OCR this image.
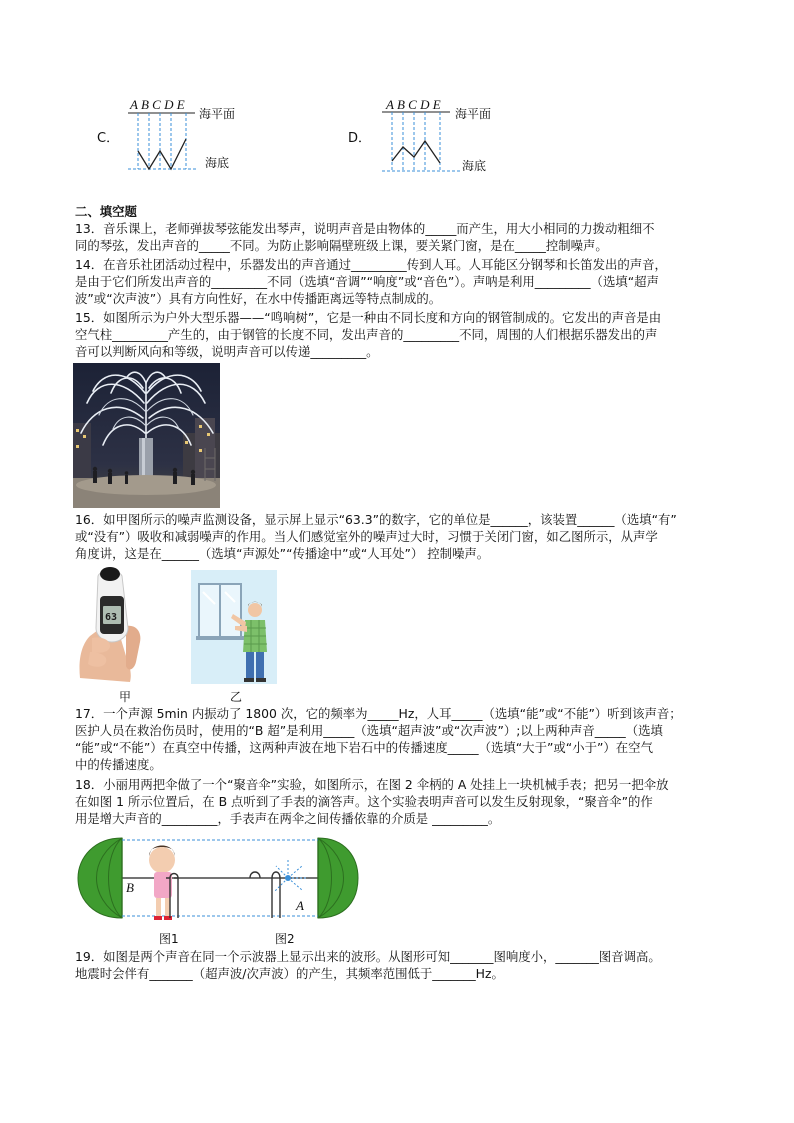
C．
A B C D E
海平面
海底
D．
A B C D E
海平面
海底
二、填空题
13．音乐课上，老师弹拔琴弦能发出琴声，说明声音是由物体的_____而产生，用大小相同的力拨动粗细不
同的琴弦，发出声音的_____不同。为防止影响隔壁班级上课，要关紧门窗，是在_____控制噪声。
14．在音乐社团活动过程中，乐器发出的声音通过_________传到人耳。人耳能区分钢琴和长笛发出的声音，
是由于它们所发出声音的_________不同（选填“音调”“响度”或“音色”）。声呐是利用_________（选填“超声
波”或“次声波”）具有方向性好，在水中传播距离远等特点制成的。
15．如图所示为户外大型乐器——“鸣响树”，它是一种由不同长度和方向的钢管制成的。它发出的声音是由
空气柱_________产生的，由于钢管的长度不同，发出声音的_________不同，周围的人们根据乐器发出的声
音可以判断风向和等级，说明声音可以传递_________。
16．如甲图所示的噪声监测设备，显示屏上显示“63.3”的数字，它的单位是______，该装置______（选填“有”
或“没有”）吸收和减弱噪声的作用。当人们感觉室外的噪声过大时，习惯于关闭门窗，如乙图所示，从声学
角度讲，这是在______（选填“声源处”“传播途中”或“人耳处”） 控制噪声。
63
甲	乙
17．一个声源 5min 内振动了 1800 次，它的频率为_____Hz，人耳_____（选填“能”或“不能”）听到该声音；
医护人员在救治伤员时，使用的“B 超”是利用_____（选填“超声波”或“次声波”）;以上两种声音_____（选填
“能”或“不能”）在真空中传播，这两种声波在地下岩石中的传播速度_____（选填“大于”或“小于”）在空气
中的传播速度。
18．小丽用两把伞做了一个“聚音伞”实验，如图所示，在图 2 伞柄的 A 处挂上一块机械手表；把另一把伞放
在如图 1 所示位置后，在 B 点听到了手表的滴答声。这个实验表明声音可以发生反射现象，“聚音伞”的作
用是增大声音的_________，手表声在两伞之间传播依靠的介质是 _________。
B
A
图1	图2
19．如图是两个声音在同一个示波器上显示出来的波形。从图形可知_______图响度小，_______图音调高。
地震时会伴有_______（超声波/次声波）的产生，其频率范围低于_______Hz。
